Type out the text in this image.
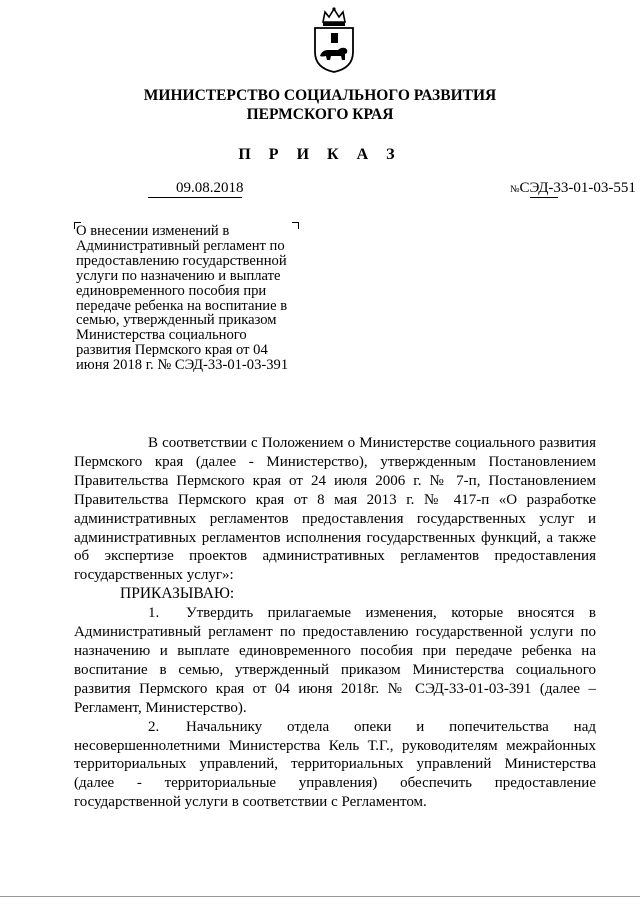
МИНИСТЕРСТВО СОЦИАЛЬНОГО РАЗВИТИЯ
ПЕРМСКОГО КРАЯ
П Р И К А З
09.08.2018	№СЭД-33-01-03-551
О внесении изменений в Административный регламент по предоставлению государственной услуги по назначению и выплате единовременного пособия при передаче ребенка на воспитание в семью, утвержденный приказом Министерства социального развития Пермского края от 04 июня 2018 г. № СЭД-33-01-03-391

В соответствии с Положением о Министерстве социального развития Пермского края (далее - Министерство), утвержденным Постановлением Правительства Пермского края от 24 июля 2006 г. № 7-п, Постановлением Правительства Пермского края от 8 мая 2013 г. № 417-п «О разработке административных регламентов предоставления государственных услуг и административных регламентов исполнения государственных функций, а также об экспертизе проектов административных регламентов предоставления государственных услуг»:

ПРИКАЗЫВАЮ:

1. Утвердить прилагаемые изменения, которые вносятся в Административный регламент по предоставлению государственной услуги по назначению и выплате единовременного пособия при передаче ребенка на воспитание в семью, утвержденный приказом Министерства социального развития Пермского края от 04 июня 2018г. № СЭД-33-01-03-391 (далее – Регламент, Министерство).

2. Начальнику отдела опеки и попечительства над несовершеннолетними Министерства Кель Т.Г., руководителям межрайонных территориальных управлений, территориальных управлений Министерства (далее - территориальные управления) обеспечить предоставление государственной услуги в соответствии с Регламентом.
